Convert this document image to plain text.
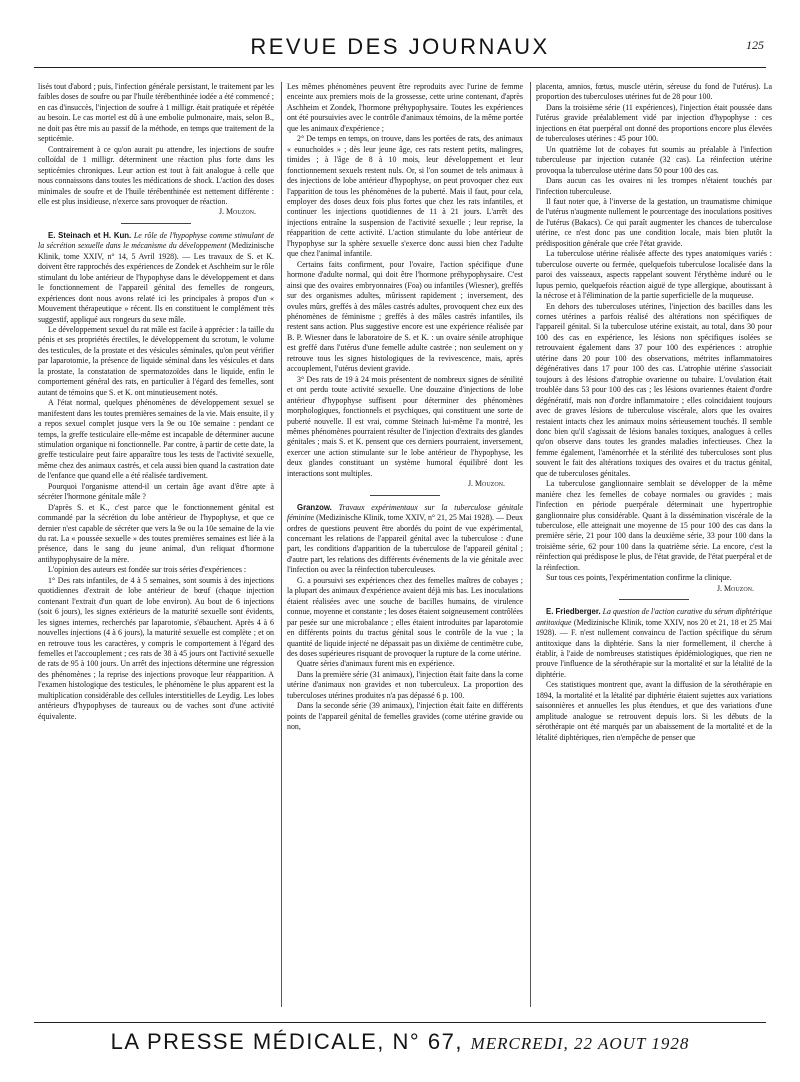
REVUE DES JOURNAUX	125

lisés tout d'abord ; puis, l'infection générale persistant, le traitement par les faibles doses de soufre ou par l'huile térébenthinée iodée a été commencé ; en cas d'insuccès, l'injection de soufre à 1 milligr. était pratiquée et répétée au besoin. Le cas mortel est dû à une embolie pulmonaire, mais, selon B., ne doit pas être mis au passif de la méthode, en temps que traitement de la septicémie.

Contrairement à ce qu'on aurait pu attendre, les injections de soufre colloïdal de 1 milligr. déterminent une réaction plus forte dans les septicémies chroniques. Leur action est tout à fait analogue à celle que nous connaissons dans toutes les médications de shock. L'action des doses minimales de soufre et de l'huile térébenthinée est nettement différente : elle est plus insidieuse, n'exerce sans provoquer de réaction.

J. Mouzon.

E. Steinach et H. Kun. Le rôle de l'hypophyse comme stimulant de la sécrétion sexuelle dans le mécanisme du développement (Medizinische Klinik, tome XXIV, n° 14, 5 Avril 1928). — Les travaux de S. et K. doivent être rapprochés des expériences de Zondek et Aschheim sur le rôle stimulant du lobe antérieur de l'hypophyse dans le développement et dans le fonctionnement de l'appareil génital des femelles de rongeurs, expériences dont nous avons relaté ici les principales à propos d'un « Mouvement thérapeutique » récent. Ils en constituent le complément très suggestif, appliqué aux rongeurs du sexe mâle.

Le développement sexuel du rat mâle est facile à apprécier : la taille du pénis et ses propriétés érectiles, le développement du scrotum, le volume des testicules, de la prostate et des vésicules séminales, qu'on peut vérifier par laparotomie, la présence de liquide séminal dans les vésicules et dans la prostate, la constatation de spermatozoïdes dans le liquide, enfin le comportement général des rats, en particulier à l'égard des femelles, sont autant de témoins que S. et K. ont minutieusement notés.

A l'état normal, quelques phénomènes de développement sexuel se manifestent dans les toutes premières semaines de la vie. Mais ensuite, il y a repos sexuel complet jusque vers la 9e ou 10e semaine : pendant ce temps, la greffe testiculaire elle-même est incapable de déterminer aucune stimulation organique ni fonctionnelle. Par contre, à partir de cette date, la greffe testiculaire peut faire apparaître tous les tests de l'activité sexuelle, même chez des animaux castrés, et cela aussi bien quand la castration date de l'enfance que quand elle a été réalisée tardivement.

Pourquoi l'organisme attend-il un certain âge avant d'être apte à sécréter l'hormone génitale mâle ?

D'après S. et K., c'est parce que le fonctionnement génital est commandé par la sécrétion du lobe antérieur de l'hypophyse, et que ce dernier n'est capable de sécréter que vers la 9e ou la 10e semaine de la vie du rat. La « poussée sexuelle » des toutes premières semaines est liée à la présence, dans le sang du jeune animal, d'un reliquat d'hormone antihypophysaire de la mère.

L'opinion des auteurs est fondée sur trois séries d'expériences :

1° Des rats infantiles, de 4 à 5 semaines, sont soumis à des injections quotidiennes d'extrait de lobe antérieur de bœuf (chaque injection contenant l'extrait d'un quart de lobe environ). Au bout de 6 injections (soit 6 jours), les signes extérieurs de la maturité sexuelle sont évidents, les signes internes, recherchés par laparotomie, s'ébauchent. Après 4 à 6 nouvelles injections (4 à 6 jours), la maturité sexuelle est complète ; et on en retrouve tous les caractères, y compris le comportement à l'égard des femelles et l'accouplement ; ces rats de 38 à 45 jours ont l'activité sexuelle de rats de 95 à 100 jours. Un arrêt des injections détermine une régression des phénomènes ; la reprise des injections provoque leur réapparition. A l'examen histologique des testicules, le phénomène le plus apparent est la multiplication considérable des cellules interstitielles de Leydig. Les lobes antérieurs d'hypophyses de taureaux ou de vaches sont d'une activité équivalente.

Les mêmes phénomènes peuvent être reproduits avec l'urine de femme enceinte aux premiers mois de la grossesse, cette urine contenant, d'après Aschheim et Zondek, l'hormone préhypophysaire. Toutes les expériences ont été poursuivies avec le contrôle d'animaux témoins, de la même portée que les animaux d'expérience ;

2° De temps en temps, on trouve, dans les portées de rats, des animaux « eunuchoïdes » ; dès leur jeune âge, ces rats restent petits, malingres, timides ; à l'âge de 8 à 10 mois, leur développement et leur fonctionnement sexuels restent nuls. Or, si l'on soumet de tels animaux à des injections de lobe antérieur d'hypophyse, on peut provoquer chez eux l'apparition de tous les phénomènes de la puberté. Mais il faut, pour cela, employer des doses deux fois plus fortes que chez les rats infantiles, et continuer les injections quotidiennes de 11 à 21 jours. L'arrêt des injections entraîne la suspension de l'activité sexuelle ; leur reprise, la réapparition de cette activité. L'action stimulante du lobe antérieur de l'hypophyse sur la sphère sexuelle s'exerce donc aussi bien chez l'adulte que chez l'animal infantile.

Certains faits confirment, pour l'ovaire, l'action spécifique d'une hormone d'adulte normal, qui doit être l'hormone préhypophysaire. C'est ainsi que des ovaires embryonnaires (Foa) ou infantiles (Wiesner), greffés sur des organismes adultes, mûrissent rapidement ; inversement, des ovules mûrs, greffés à des mâles castrés adultes, provoquent chez eux des phénomènes de féminisme ; greffés à des mâles castrés infantiles, ils restent sans action. Plus suggestive encore est une expérience réalisée par B. P. Wiesner dans le laboratoire de S. et K. : un ovaire sénile atrophique est greffé dans l'utérus d'une femelle adulte castrée ; non seulement on y retrouve tous les signes histologiques de la revivescence, mais, après accouplement, l'utérus devient gravide.

3° Des rats de 19 à 24 mois présentent de nombreux signes de sénilité et ont perdu toute activité sexuelle. Une douzaine d'injections de lobe antérieur d'hypophyse suffisent pour déterminer des phénomènes morphologiques, fonctionnels et psychiques, qui constituent une sorte de puberté nouvelle. Il est vrai, comme Steinach lui-même l'a montré, les mêmes phénomènes pourraient résulter de l'injection d'extraits des glandes génitales ; mais S. et K. pensent que ces derniers pourraient, inversement, exercer une action stimulante sur le lobe antérieur de l'hypophyse, les deux glandes constituant un système humoral équilibré dont les interactions sont multiples.

J. Mouzon.

Granzow. Travaux expérimentaux sur la tuberculose génitale féminine (Medizinische Klinik, tome XXIV, n° 21, 25 Mai 1928). — Deux ordres de questions peuvent être abordés du point de vue expérimental, concernant les relations de l'appareil génital avec la tuberculose : d'une part, les conditions d'apparition de la tuberculose de l'appareil génital ; d'autre part, les relations des différents événements de la vie génitale avec l'infection ou avec la réinfection tuberculeuses.

G. a poursuivi ses expériences chez des femelles maîtres de cobayes ; la plupart des animaux d'expérience avaient déjà mis bas. Les inoculations étaient réalisées avec une souche de bacilles humains, de virulence connue, moyenne et constante ; les doses étaient soigneusement contrôlées par pesée sur une microbalance ; elles étaient introduites par laparotomie en différents points du tractus génital sous le contrôle de la vue ; la quantité de liquide injecté ne dépassait pas un dixième de centimètre cube, des doses supérieures risquant de provoquer la rupture de la corne utérine.

Quatre séries d'animaux furent mis en expérience.

Dans la première série (31 animaux), l'injection était faite dans la corne utérine d'animaux non gravides et non tuberculeux. La proportion des tuberculoses utérines produites n'a pas dépassé 6 p. 100.

Dans la seconde série (39 animaux), l'injection était faite en différents points de l'appareil génital de femelles gravides (corne utérine gravide ou non,

placenta, amnios, fœtus, muscle utérin, séreuse du fond de l'utérus). La proportion des tuberculoses utérines fut de 28 pour 100.

Dans la troisième série (11 expériences), l'injection était poussée dans l'utérus gravide préalablement vidé par injection d'hypophyse : ces injections en état puerpéral ont donné des proportions encore plus élevées de tuberculoses utérines : 45 pour 100.

Un quatrième lot de cobayes fut soumis au préalable à l'infection tuberculeuse par injection cutanée (32 cas). La réinfection utérine provoqua la tuberculose utérine dans 50 pour 100 des cas.

Dans aucun cas les ovaires ni les trompes n'étaient touchés par l'infection tuberculeuse.

Il faut noter que, à l'inverse de la gestation, un traumatisme chimique de l'utérus n'augmente nullement le pourcentage des inoculations positives de l'utérus (Bakacs). Ce qui paraît augmenter les chances de tuberculose utérine, ce n'est donc pas une condition locale, mais bien plutôt la prédisposition générale que crée l'état gravide.

La tuberculose utérine réalisée affecte des types anatomiques variés : tuberculose ouverte ou fermée, quelquefois tuberculose localisée dans la paroi des vaisseaux, aspects rappelant souvent l'érythème induré ou le lupus pernio, quelquefois réaction aiguë de type allergique, aboutissant à la nécrose et à l'élimination de la partie superficielle de la muqueuse.

En dehors des tuberculoses utérines, l'injection des bacilles dans les cornes utérines a parfois réalisé des altérations non spécifiques de l'appareil génital. Si la tuberculose utérine existait, au total, dans 30 pour 100 des cas en expérience, les lésions non spécifiques isolées se retrouvaient également dans 37 pour 100 des expériences : atrophie utérine dans 20 pour 100 des observations, métrites inflammatoires dégénératives dans 17 pour 100 des cas. L'atrophie utérine s'associait toujours à des lésions d'atrophie ovarienne ou tubaire. L'ovulation était troublée dans 53 pour 100 des cas ; les lésions ovariennes étaient d'ordre dégénératif, mais non d'ordre inflammatoire ; elles coïncidaient toujours avec de graves lésions de tuberculose viscérale, alors que les ovaires restaient intacts chez les animaux moins sérieusement touchés. Il semble donc bien qu'il s'agissait de lésions banales toxiques, analogues à celles qu'on observe dans toutes les grandes maladies infectieuses. Chez la femme également, l'aménorrhée et la stérilité des tuberculoses sont plus souvent le fait des altérations toxiques des ovaires et du tractus génital, que de tuberculoses génitales.

La tuberculose ganglionnaire semblait se développer de la même manière chez les femelles de cobaye normales ou gravides ; mais l'infection en période puerpérale déterminait une hypertrophie ganglionnaire plus considérable. Quant à la dissémination viscérale de la tuberculose, elle atteignait une moyenne de 15 pour 100 des cas dans la première série, 21 pour 100 dans la deuxième série, 33 pour 100 dans la troisième série, 62 pour 100 dans la quatrième série. La encore, c'est la réinfection qui prédispose le plus, de l'état gravide, de l'état puerpéral et de la réinfection.

Sur tous ces points, l'expérimentation confirme la clinique.

J. Mouzon.

E. Friedberger. La question de l'action curative du sérum diphtérique antitoxique (Medizinische Klinik, tome XXIV, nos 20 et 21, 18 et 25 Mai 1928). — F. n'est nullement convaincu de l'action spécifique du sérum antitoxique dans la diphtérie. Sans la nier formellement, il cherche à établir, à l'aide de nombreuses statistiques épidémiologiques, que rien ne prouve l'influence de la sérothérapie sur la mortalité et sur la létalité de la diphtérie.

Ces statistiques montrent que, avant la diffusion de la sérothérapie en 1894, la mortalité et la létalité par diphtérie étaient sujettes aux variations saisonnières et annuelles les plus étendues, et que des variations d'une amplitude analogue se retrouvent depuis lors. Si les débuts de la sérothérapie ont été marqués par un abaissement de la mortalité et de la létalité diphtériques, rien n'empêche de penser que

LA PRESSE MÉDICALE, N° 67, MERCREDI, 22 AOUT 1928
